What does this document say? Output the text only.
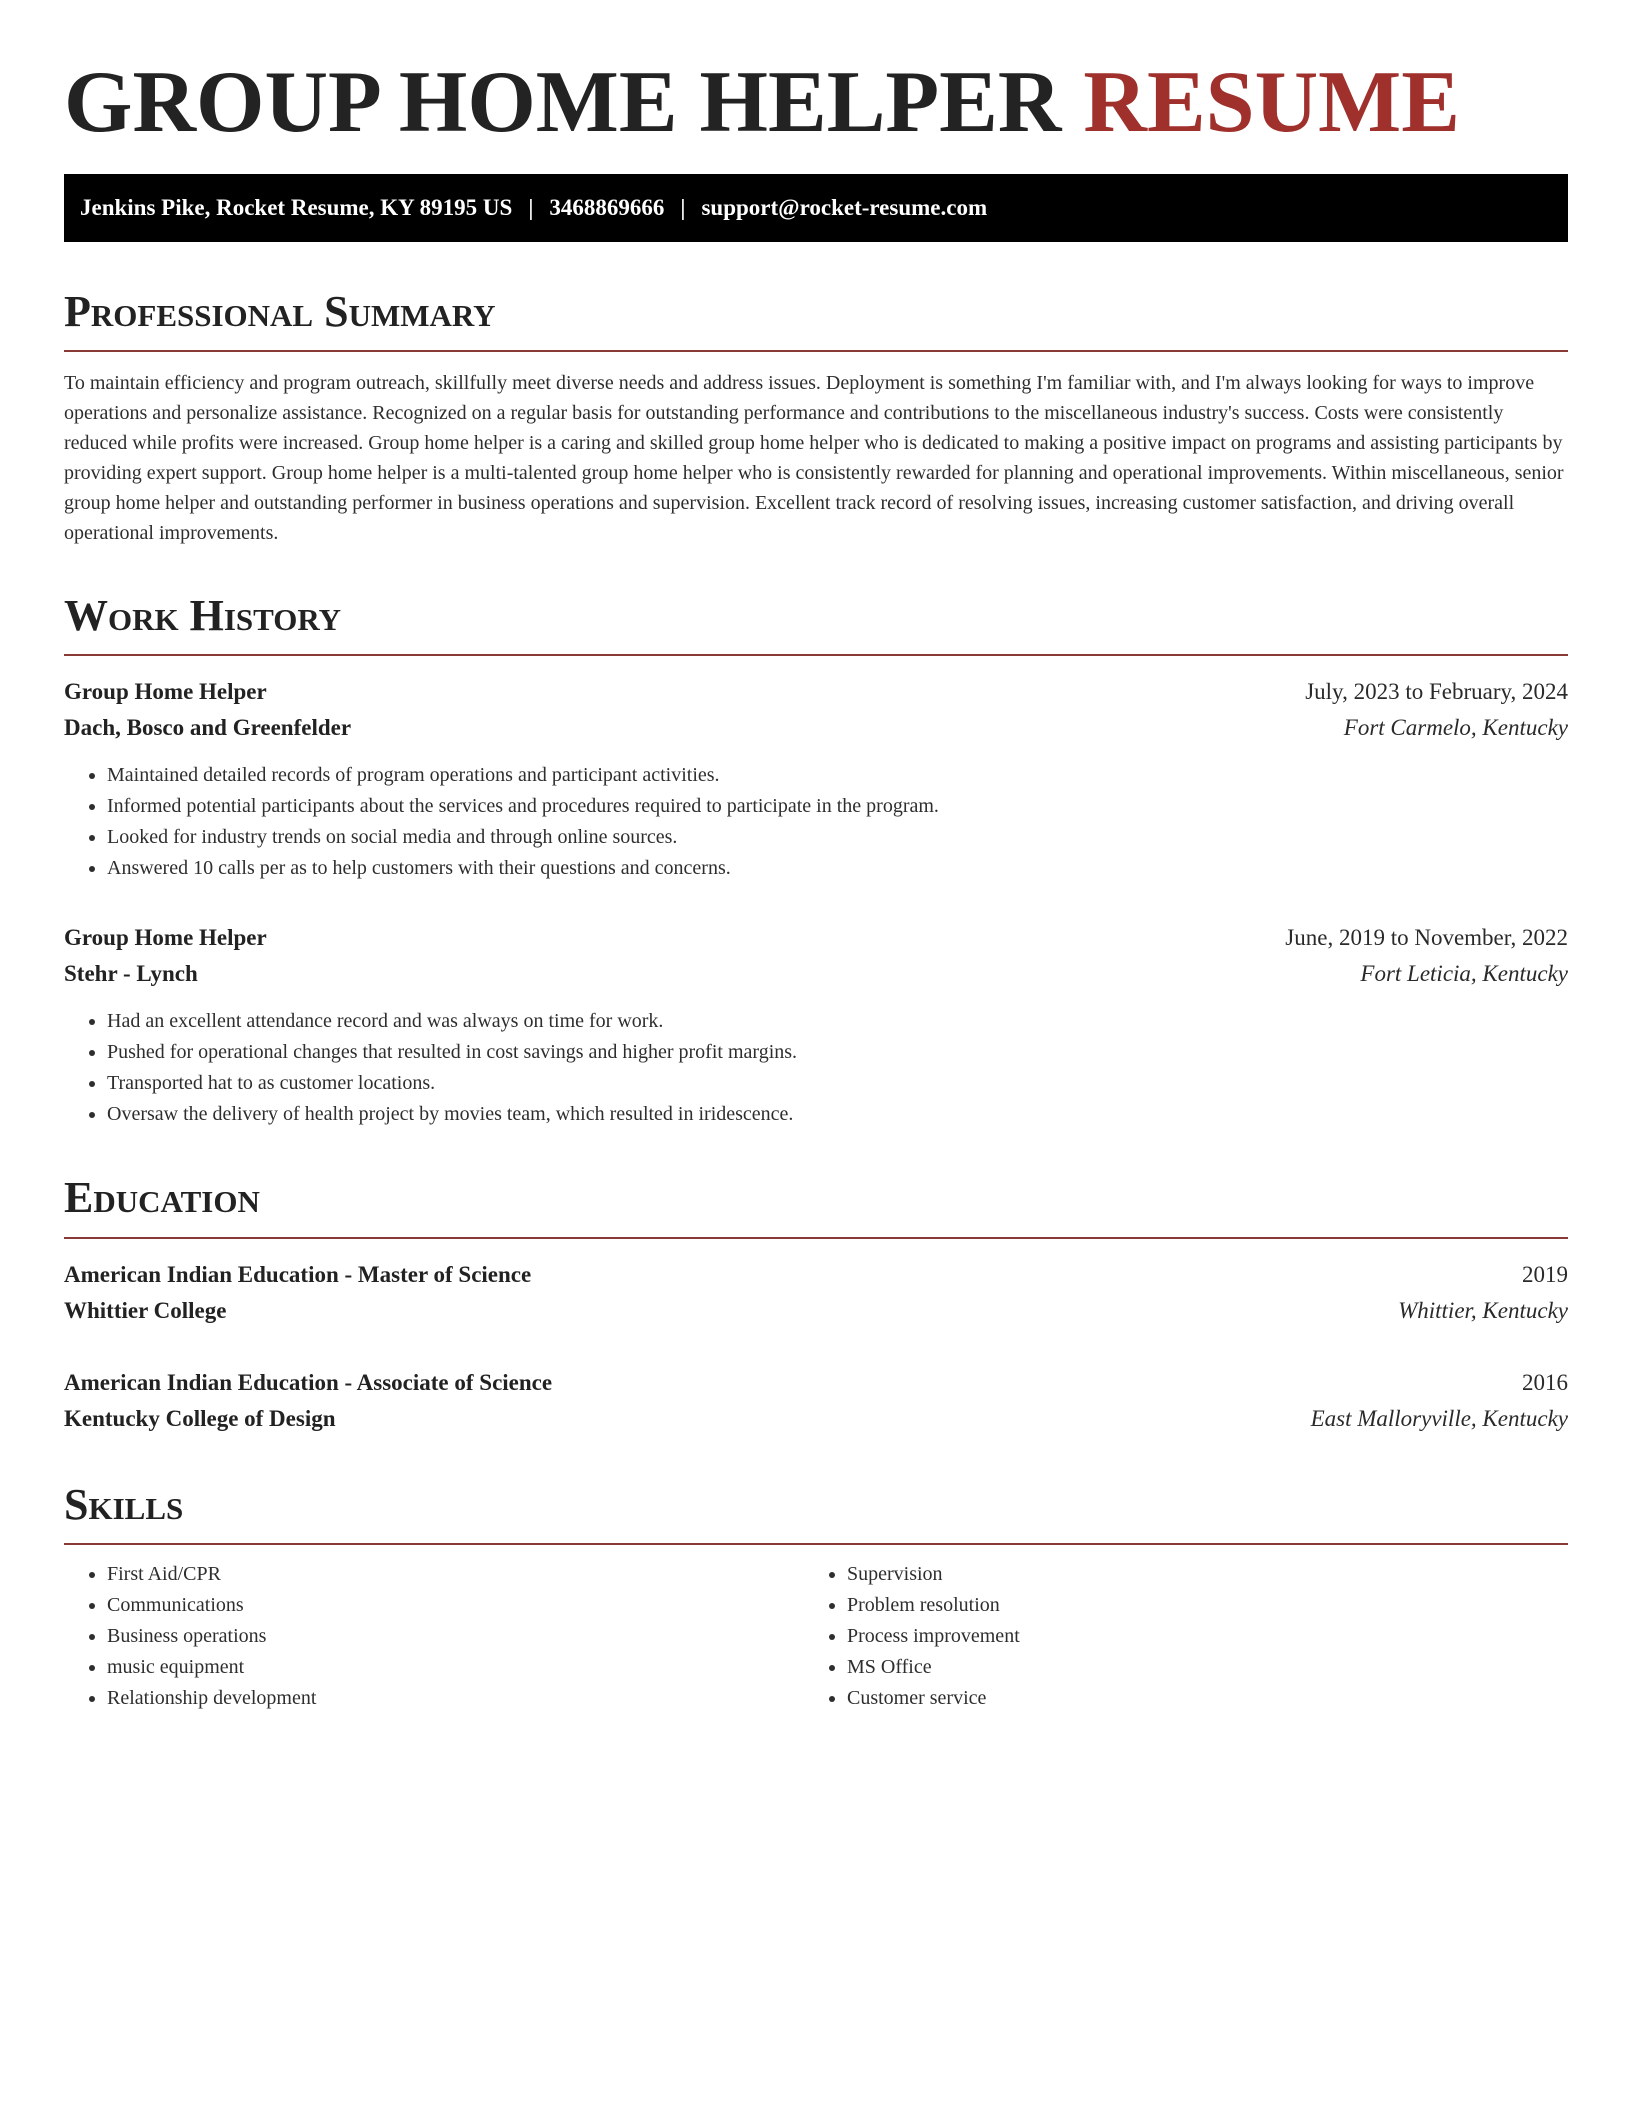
GROUP HOME HELPER RESUME
Jenkins Pike, Rocket Resume, KY 89195 US | 3468869666 | support@rocket-resume.com
Professional Summary

To maintain efficiency and program outreach, skillfully meet diverse needs and address issues. Deployment is something I'm familiar with, and I'm always looking for ways to improve operations and personalize assistance. Recognized on a regular basis for outstanding performance and contributions to the miscellaneous industry's success. Costs were consistently reduced while profits were increased. Group home helper is a caring and skilled group home helper who is dedicated to making a positive impact on programs and assisting participants by providing expert support. Group home helper is a multi-talented group home helper who is consistently rewarded for planning and operational improvements. Within miscellaneous, senior group home helper and outstanding performer in business operations and supervision. Excellent track record of resolving issues, increasing customer satisfaction, and driving overall operational improvements.

Work History
Group Home Helper	July, 2023 to February, 2024
Dach, Bosco and Greenfelder	Fort Carmelo, Kentucky
• Maintained detailed records of program operations and participant activities.
• Informed potential participants about the services and procedures required to participate in the program.
• Looked for industry trends on social media and through online sources.
• Answered 10 calls per as to help customers with their questions and concerns.
Group Home Helper	June, 2019 to November, 2022
Stehr - Lynch	Fort Leticia, Kentucky
• Had an excellent attendance record and was always on time for work.
• Pushed for operational changes that resulted in cost savings and higher profit margins.
• Transported hat to as customer locations.
• Oversaw the delivery of health project by movies team, which resulted in iridescence.
Education
American Indian Education - Master of Science	2019
Whittier College	Whittier, Kentucky
American Indian Education - Associate of Science	2016
Kentucky College of Design	East Malloryville, Kentucky
Skills
• First Aid/CPR
• Communications
• Business operations
• music equipment
• Relationship development
• Supervision
• Problem resolution
• Process improvement
• MS Office
• Customer service
